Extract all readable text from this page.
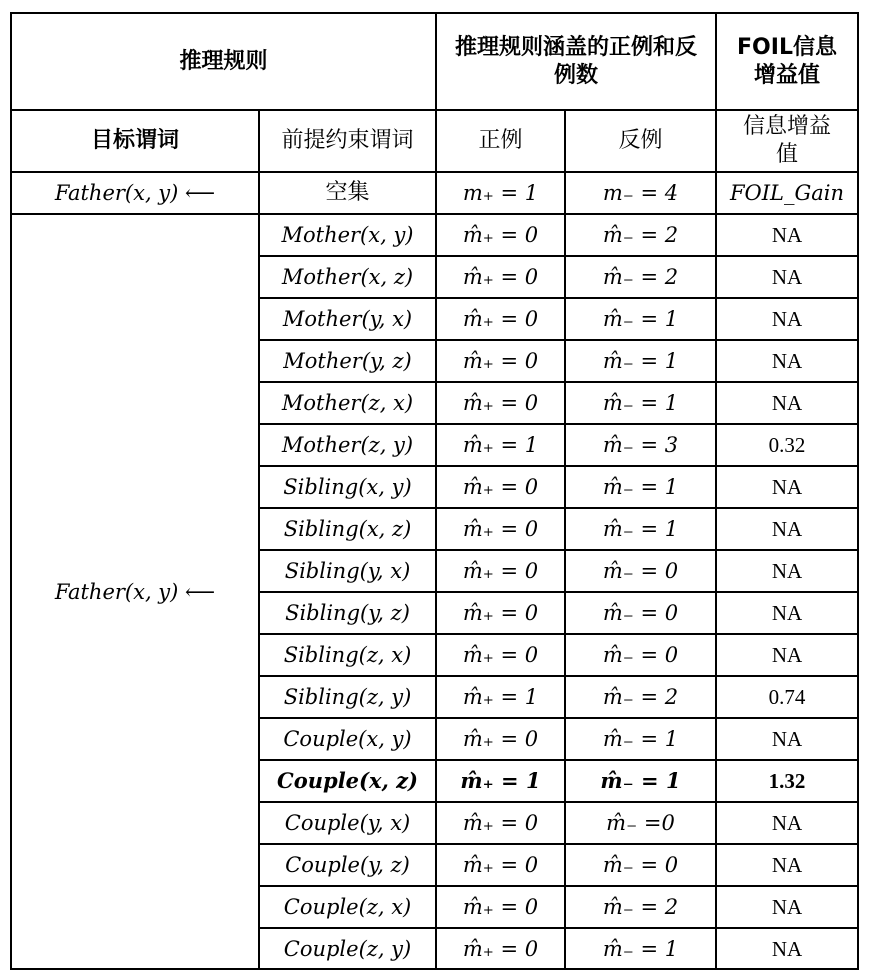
推理规则		推理规则涵盖的正例和反例数		FOIL信息增益值
目标谓词	前提约束谓词	正例	反例	信息增益值
Father(x, y) ⟵	空集	m₊ = 1	m₋ = 4	FOIL_Gain
Father(x, y) ⟵	Mother(x, y)	m̂₊ = 0	m̂₋ = 2	NA
	Mother(x, z)	m̂₊ = 0	m̂₋ = 2	NA
	Mother(y, x)	m̂₊ = 0	m̂₋ = 1	NA
	Mother(y, z)	m̂₊ = 0	m̂₋ = 1	NA
	Mother(z, x)	m̂₊ = 0	m̂₋ = 1	NA
	Mother(z, y)	m̂₊ = 1	m̂₋ = 3	0.32
	Sibling(x, y)	m̂₊ = 0	m̂₋ = 1	NA
	Sibling(x, z)	m̂₊ = 0	m̂₋ = 1	NA
	Sibling(y, x)	m̂₊ = 0	m̂₋ = 0	NA
	Sibling(y, z)	m̂₊ = 0	m̂₋ = 0	NA
	Sibling(z, x)	m̂₊ = 0	m̂₋ = 0	NA
	Sibling(z, y)	m̂₊ = 1	m̂₋ = 2	0.74
	Couple(x, y)	m̂₊ = 0	m̂₋ = 1	NA
	Couple(x, z)	m̂₊ = 1	m̂₋ = 1	1.32
	Couple(y, x)	m̂₊ = 0	m̂₋ =0	NA
	Couple(y, z)	m̂₊ = 0	m̂₋ = 0	NA
	Couple(z, x)	m̂₊ = 0	m̂₋ = 2	NA
	Couple(z, y)	m̂₊ = 0	m̂₋ = 1	NA
